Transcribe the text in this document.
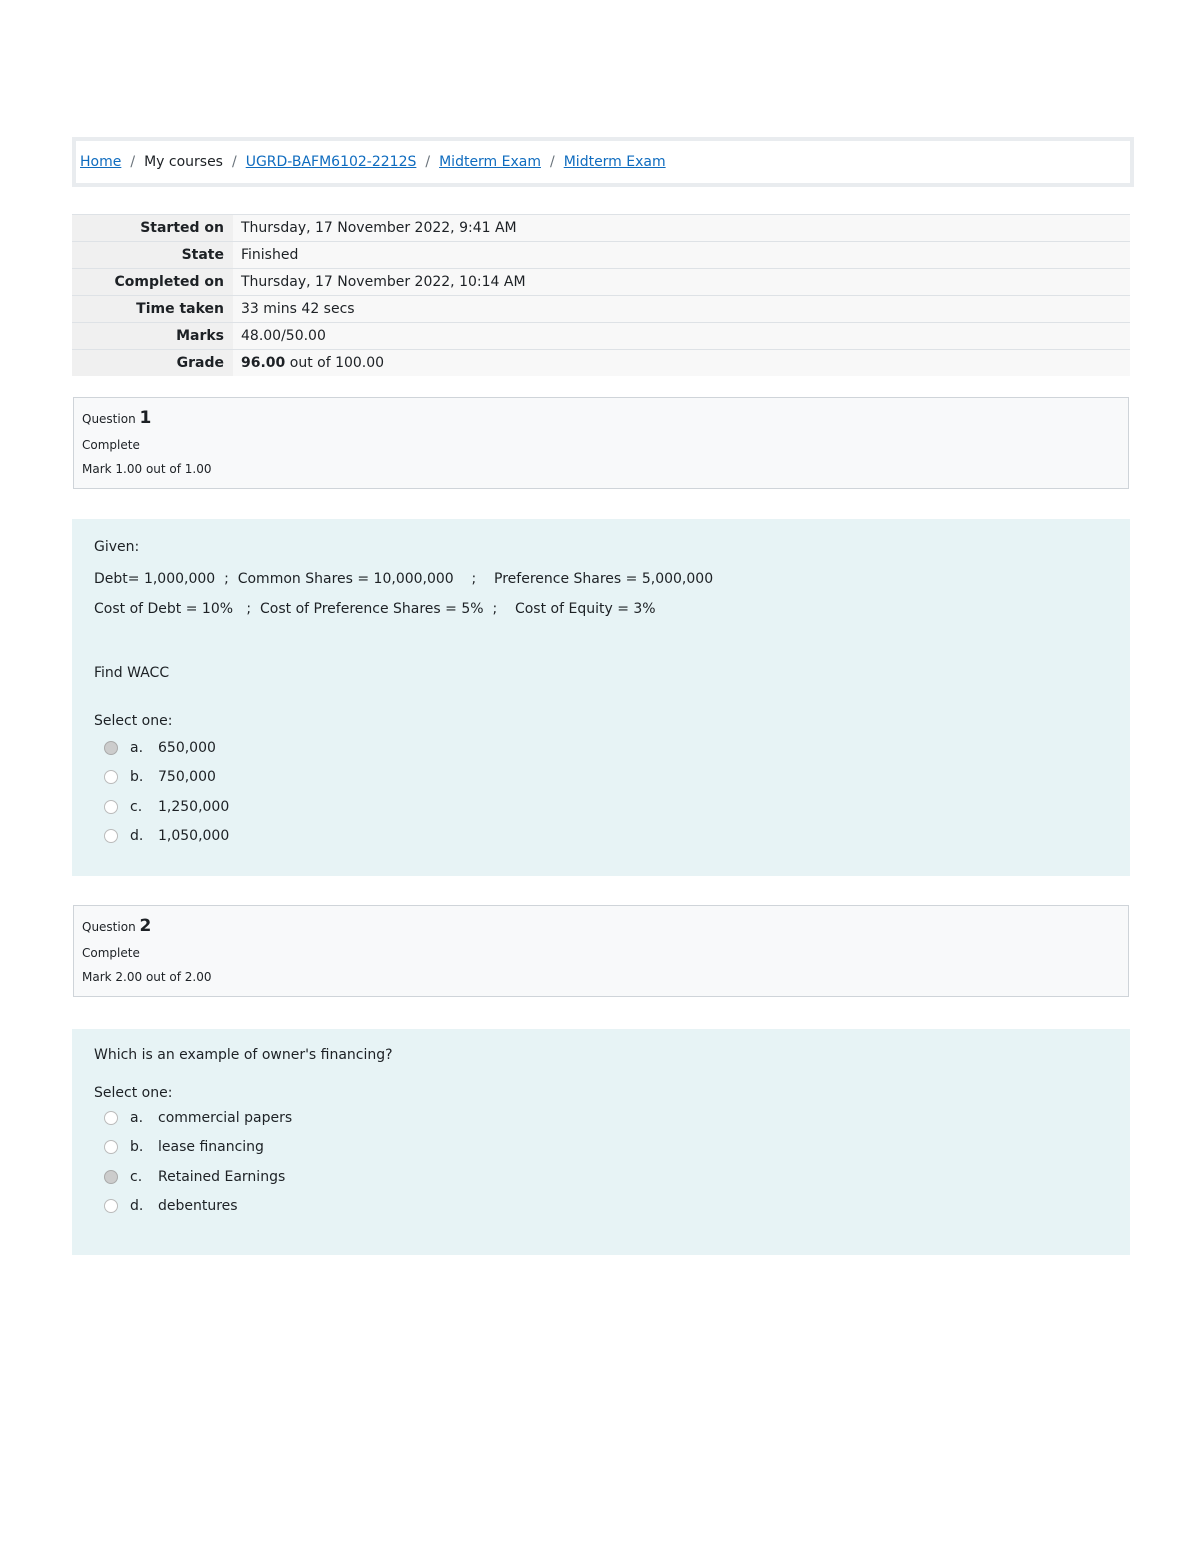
Home / My courses / UGRD-BAFM6102-2212S / Midterm Exam / Midterm Exam
Started on	Thursday, 17 November 2022, 9:41 AM
State	Finished
Completed on	Thursday, 17 November 2022, 10:14 AM
Time taken	33 mins 42 secs
Marks	48.00/50.00
Grade	96.00 out of 100.00
Question 1
Complete
Mark 1.00 out of 1.00

Given:

Debt= 1,000,000  ;  Common Shares = 10,000,000    ;    Preference Shares = 5,000,000

Cost of Debt = 10%   ;  Cost of Preference Shares = 5%  ;    Cost of Equity = 3%

Find WACC

Select one:

a.	650,000
b.	750,000
c.	1,250,000
d.	1,050,000
Question 2
Complete
Mark 2.00 out of 2.00

Which is an example of owner's financing?

Select one:

a.	commercial papers
b.	lease financing
c.	Retained Earnings
d.	debentures
